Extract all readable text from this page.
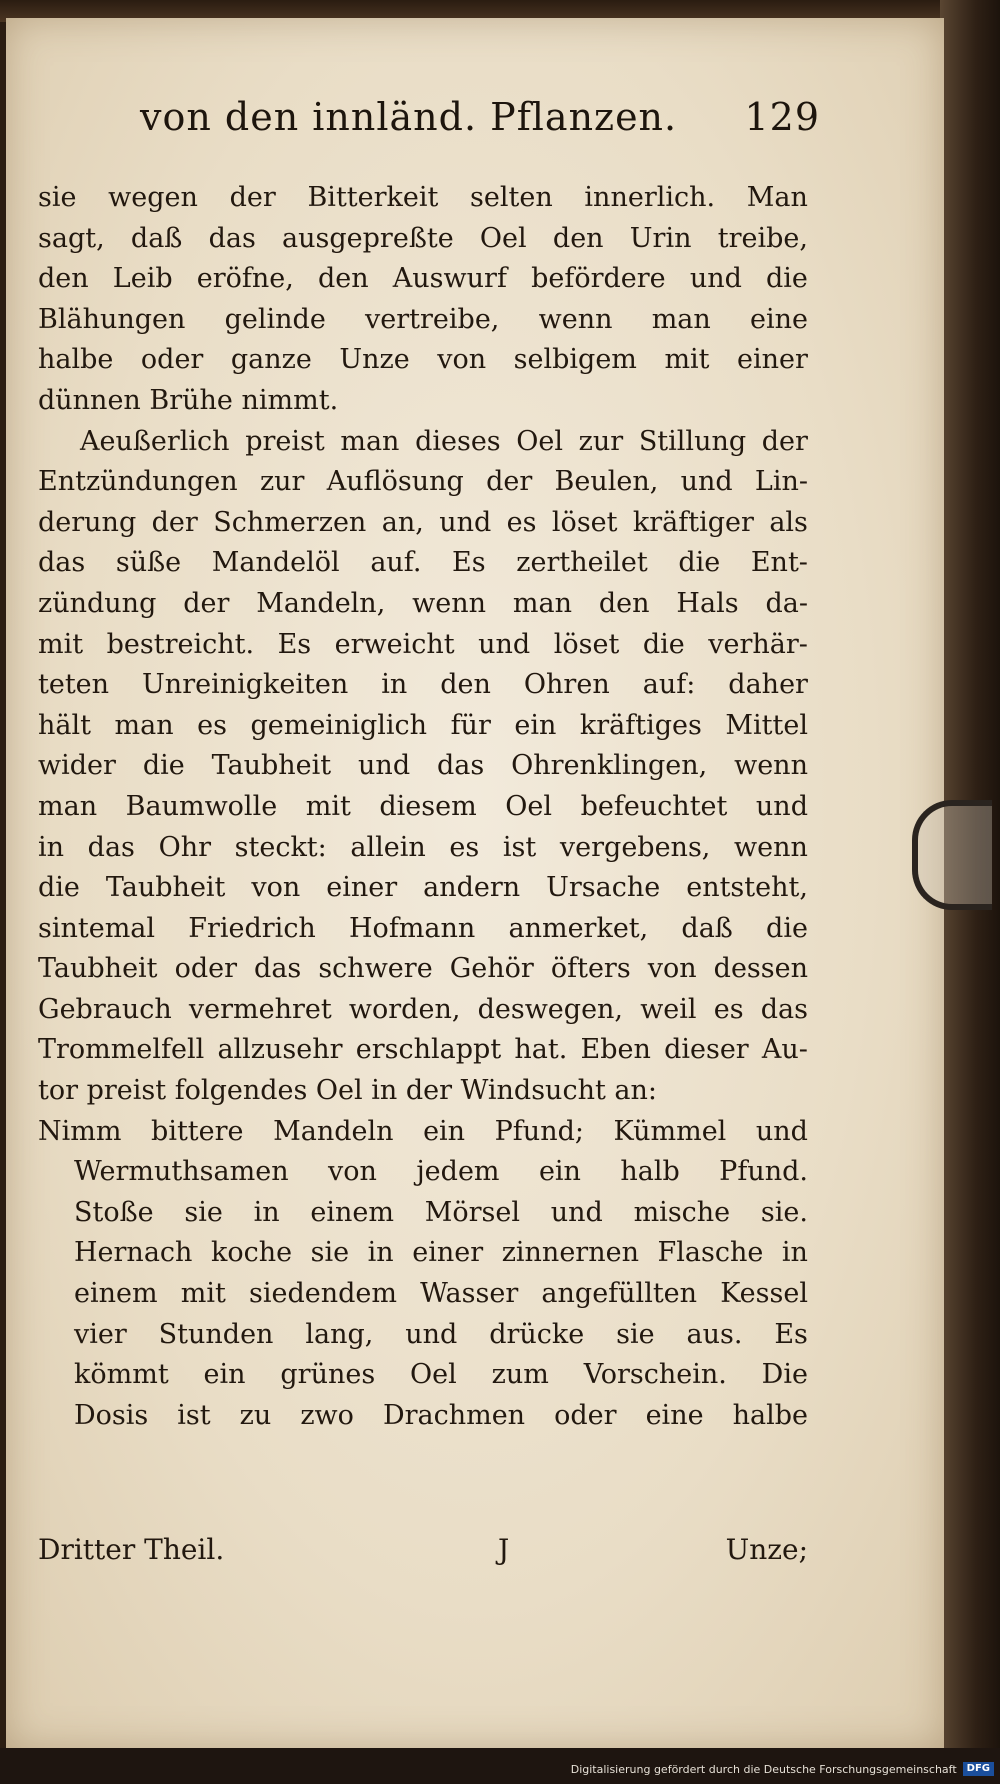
von den innländ. Pflanzen. 129
sie wegen der Bitterkeit selten innerlich. Man
sagt, daß das ausgepreßte Oel den Urin treibe,
den Leib eröfne, den Auswurf befördere und die
Blähungen gelinde vertreibe, wenn man eine
halbe oder ganze Unze von selbigem mit einer
dünnen Brühe nimmt.
Aeußerlich preist man dieses Oel zur Stillung der
Entzündungen zur Auflösung der Beulen, und Lin-
derung der Schmerzen an, und es löset kräftiger als
das süße Mandelöl auf. Es zertheilet die Ent-
zündung der Mandeln, wenn man den Hals da-
mit bestreicht. Es erweicht und löset die verhär-
teten Unreinigkeiten in den Ohren auf: daher
hält man es gemeiniglich für ein kräftiges Mittel
wider die Taubheit und das Ohrenklingen, wenn
man Baumwolle mit diesem Oel befeuchtet und
in das Ohr steckt: allein es ist vergebens, wenn
die Taubheit von einer andern Ursache entsteht,
sintemal Friedrich Hofmann anmerket, daß die
Taubheit oder das schwere Gehör öfters von dessen
Gebrauch vermehret worden, deswegen, weil es das
Trommelfell allzusehr erschlappt hat. Eben dieser Au-
tor preist folgendes Oel in der Windsucht an:
Nimm bittere Mandeln ein Pfund; Kümmel und
Wermuthsamen von jedem ein halb Pfund.
Stoße sie in einem Mörsel und mische sie.
Hernach koche sie in einer zinnernen Flasche in
einem mit siedendem Wasser angefüllten Kessel
vier Stunden lang, und drücke sie aus. Es
kömmt ein grünes Oel zum Vorschein. Die
Dosis ist zu zwo Drachmen oder eine halbe
Dritter Theil.	J	Unze;
Digitalisierung gefördert durch die Deutsche Forschungsgemeinschaft	DFG
